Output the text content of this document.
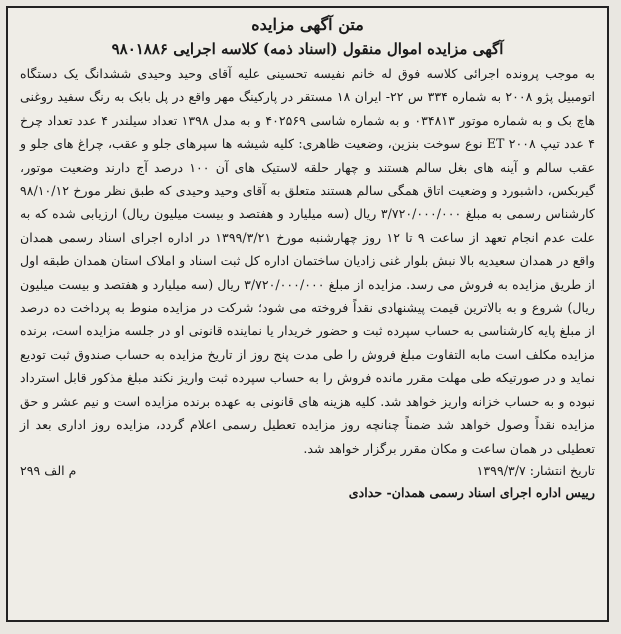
متن آگهی مزایده
آگهی مزایده اموال منقول (اسناد ذمه) کلاسه اجرایی ۹۸۰۱۸۸۶

به موجب پرونده اجرائی کلاسه فوق له خانم نفیسه تحسینی علیه آقای وحید وحیدی ششدانگ یک دستگاه اتومبیل پژو ۲۰۰۸ به شماره ۳۳۴ س ۲۲- ایران ۱۸ مستقر در پارکینگ مهر واقع در پل بابک به رنگ سفید روغنی هاچ بک و به شماره موتور ۰۳۴۸۱۳ و به شماره شاسی ۴۰۲۵۶۹ و به مدل ۱۳۹۸ تعداد سیلندر ۴ عدد تعداد چرخ ۴ عدد تیپ ET ۲۰۰۸ نوع سوخت بنزین، وضعیت ظاهری: کلیه شیشه ها سپرهای جلو و عقب، چراغ های جلو و عقب سالم و آینه های بغل سالم هستند و چهار حلقه لاستیک های آن ۱۰۰ درصد آج دارند وضعیت موتور، گیربکس، داشبورد و وضعیت اتاق همگی سالم هستند متعلق به آقای وحید وحیدی که طبق نظر مورخ ۹۸/۱۰/۱۲ کارشناس رسمی به مبلغ ۳/۷۲۰/۰۰۰/۰۰۰ ریال (سه میلیارد و هفتصد و بیست میلیون ریال) ارزیابی شده که به علت عدم انجام تعهد از ساعت ۹ تا ۱۲ روز چهارشنبه مورخ ۱۳۹۹/۳/۲۱ در اداره اجرای اسناد رسمی همدان واقع در همدان سعیدیه بالا نبش بلوار غنی زادیان ساختمان اداره کل ثبت اسناد و املاک استان همدان طبقه اول از طریق مزایده به فروش می رسد. مزایده از مبلغ ۳/۷۲۰/۰۰۰/۰۰۰ ریال (سه میلیارد و هفتصد و بیست میلیون ریال) شروع و به بالاترین قیمت پیشنهادی نقداً فروخته می شود؛ شرکت در مزایده منوط به پرداخت ده درصد از مبلغ پایه کارشناسی به حساب سپرده ثبت و حضور خریدار یا نماینده قانونی او در جلسه مزایده است، برنده مزایده مکلف است مابه التفاوت مبلغ فروش را طی مدت پنج روز از تاریخ مزایده به حساب صندوق ثبت تودیع نماید و در صورتیکه طی مهلت مقرر مانده فروش را به حساب سپرده ثبت واریز نکند مبلغ مذکور قابل استرداد نبوده و به حساب خزانه واریز خواهد شد. کلیه هزینه های قانونی به عهده برنده مزایده است و نیم عشر و حق مزایده نقداً وصول خواهد شد ضمناً چنانچه روز مزایده تعطیل رسمی اعلام گردد، مزایده روز اداری بعد از تعطیلی در همان ساعت و مکان مقرر برگزار خواهد شد.

تاریخ انتشار: ۱۳۹۹/۳/۷
م الف ۲۹۹
رییس اداره اجرای اسناد رسمی همدان- حدادی
